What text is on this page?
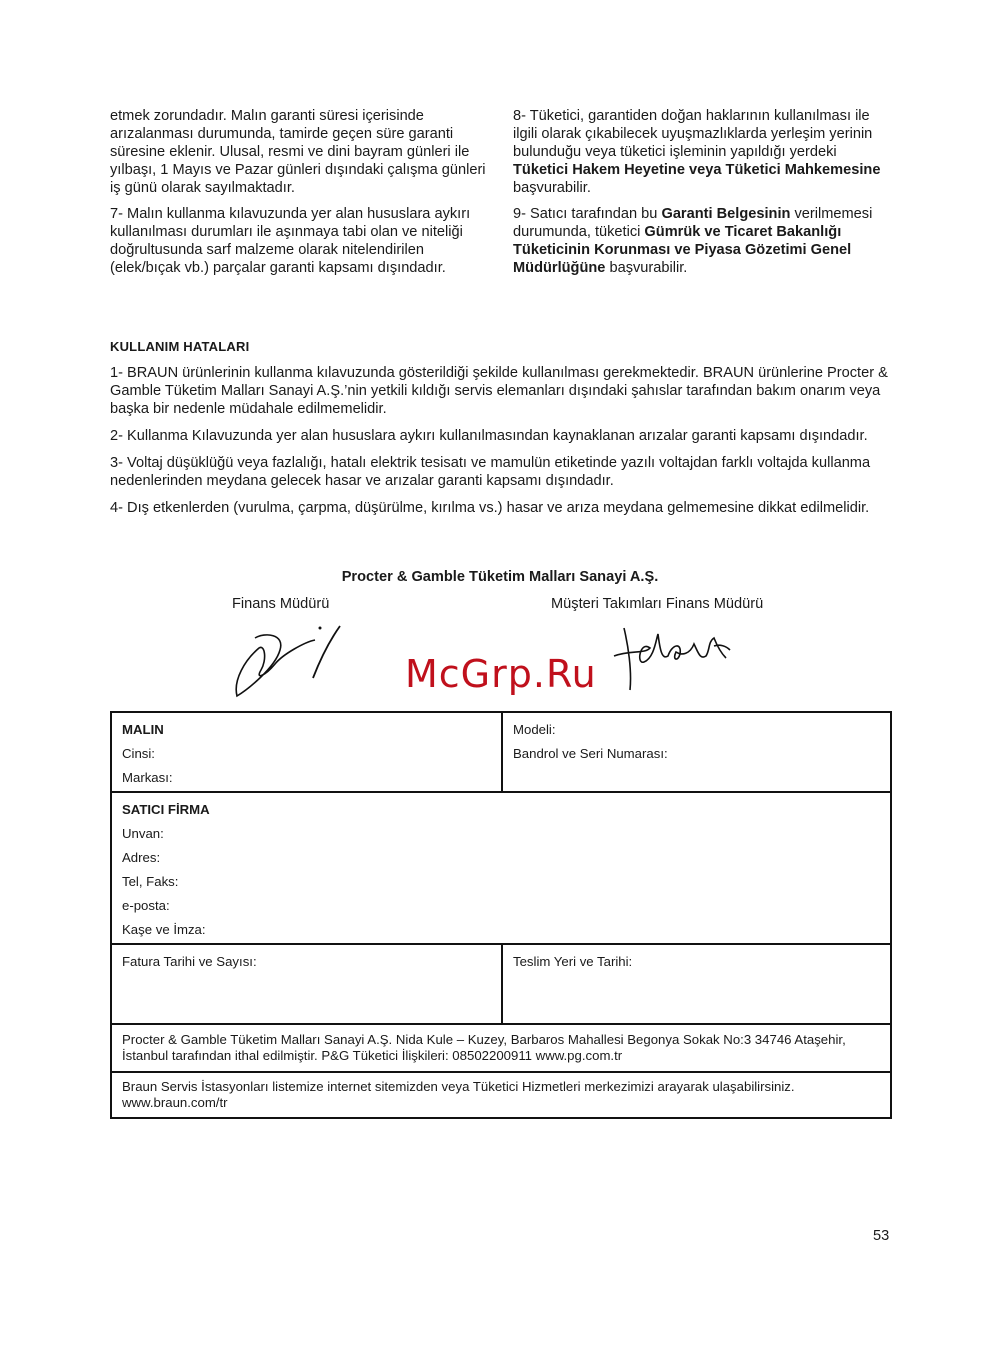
etmek zorundadır. Malın garanti süresi içerisinde arızalanması durumunda, tamirde geçen süre garanti süresine eklenir. Ulusal, resmi ve dini bayram günleri ile yılbaşı, 1 Mayıs ve Pazar günleri dışındaki çalışma günleri iş günü olarak sayılmaktadır.

7- Malın kullanma kılavuzunda yer alan hususlara aykırı kullanılması durumları ile aşınmaya tabi olan ve niteliği doğrultusunda sarf malzeme olarak nitelendirilen (elek/bıçak vb.) parçalar garanti kapsamı dışındadır.

8- Tüketici, garantiden doğan haklarının kullanılması ile ilgili olarak çıkabilecek uyuşmazlıklarda yerleşim yerinin bulunduğu veya tüketici işleminin yapıldığı yerdeki Tüketici Hakem Heyetine veya Tüketici Mahkemesine başvurabilir.

9- Satıcı tarafından bu Garanti Belgesinin verilmemesi durumunda, tüketici Gümrük ve Ticaret Bakanlığı Tüketicinin Korunması ve Piyasa Gözetimi Genel Müdürlüğüne başvurabilir.

KULLANIM HATALARI

1- BRAUN ürünlerinin kullanma kılavuzunda gösterildiği şekilde kullanılması gerekmektedir. BRAUN ürünlerine Procter & Gamble Tüketim Malları Sanayi A.Ş.’nin yetkili kıldığı servis elemanları dışındaki şahıslar tarafından bakım onarım veya başka bir nedenle müdahale edilmemelidir.

2- Kullanma Kılavuzunda yer alan hususlara aykırı kullanılmasından kaynaklanan arızalar garanti kapsamı dışındadır.

3- Voltaj düşüklüğü veya fazlalığı, hatalı elektrik tesisatı ve mamulün etiketinde yazılı voltajdan farklı voltajda kullanma nedenlerinden meydana gelecek hasar ve arızalar garanti kapsamı dışındadır.

4- Dış etkenlerden (vurulma, çarpma, düşürülme, kırılma vs.) hasar ve arıza meydana gelmemesine dikkat edilmelidir.

Procter & Gamble Tüketim Malları Sanayi A.Ş.
Finans Müdürü	Müşteri Takımları Finans Müdürü
McGrp.Ru
MALIN
Cinsi:
Markası:
Modeli:
Bandrol ve Seri Numarası:
SATICI FİRMA
Unvan:
Adres:
Tel, Faks:
e-posta:
Kaşe ve İmza:
Fatura Tarihi ve Sayısı:	Teslim Yeri ve Tarihi:
Procter & Gamble Tüketim Malları Sanayi A.Ş. Nida Kule – Kuzey, Barbaros Mahallesi Begonya Sokak No:3 34746 Ataşehir, İstanbul tarafından ithal edilmiştir. P&G Tüketici İlişkileri: 08502200911 www.pg.com.tr
Braun Servis İstasyonları listemize internet sitemizden veya Tüketici Hizmetleri merkezimizi arayarak ulaşabilirsiniz. www.braun.com/tr
53
